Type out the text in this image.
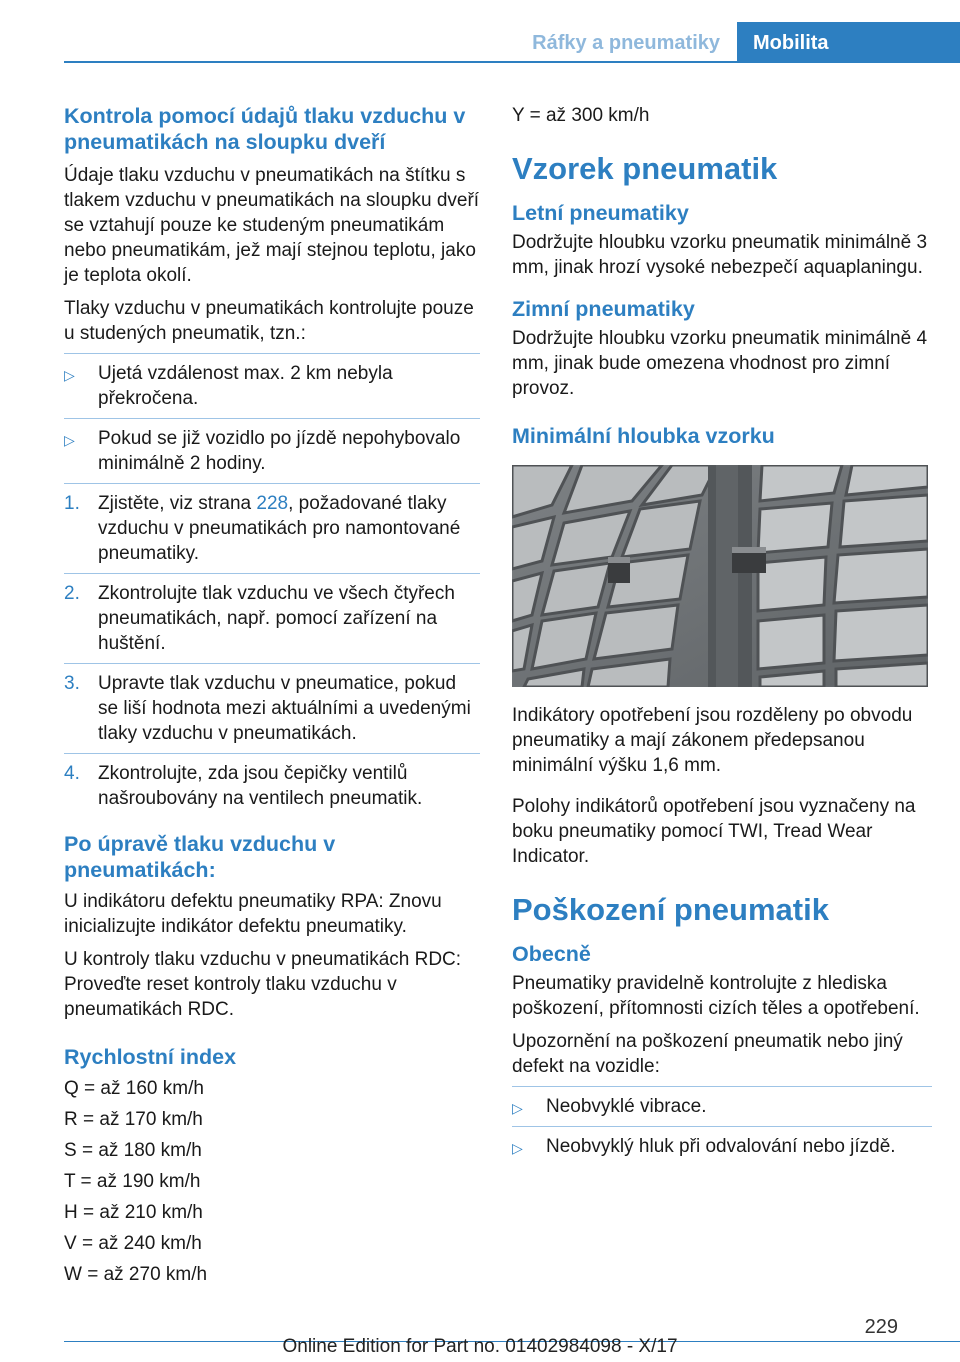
Ráfky a pneumatiky	Mobilita
Kontrola pomocí údajů tlaku vzduchu v pneumatikách na sloupku dveří
Údaje tlaku vzduchu v pneumatikách na štítku s tlakem vzduchu v pneumatikách na sloupku dveří se vztahují pouze ke studeným pneumatikám nebo pneumatikám, jež mají stejnou teplotu, jako je teplota okolí.
Tlaky vzduchu v pneumatikách kontrolujte pouze u studených pneumatik, tzn.:
▷ Ujetá vzdálenost max. 2 km nebyla překročena.
▷ Pokud se již vozidlo po jízdě nepohybovalo minimálně 2 hodiny.
1. Zjistěte, viz strana 228, požadované tlaky vzduchu v pneumatikách pro namontované pneumatiky.
2. Zkontrolujte tlak vzduchu ve všech čtyřech pneumatikách, např. pomocí zařízení na huštění.
3. Upravte tlak vzduchu v pneumatice, pokud se liší hodnota mezi aktuálními a uvedenými tlaky vzduchu v pneumatikách.
4. Zkontrolujte, zda jsou čepičky ventilů našroubovány na ventilech pneumatik.
Po úpravě tlaku vzduchu v pneumatikách:
U indikátoru defektu pneumatiky RPA: Znovu inicializujte indikátor defektu pneumatiky.
U kontroly tlaku vzduchu v pneumatikách RDC: Proveďte reset kontroly tlaku vzduchu v pneumatikách RDC.
Rychlostní index
Q = až 160 km/h
R = až 170 km/h
S = až 180 km/h
T = až 190 km/h
H = až 210 km/h
V = až 240 km/h
W = až 270 km/h
Y = až 300 km/h
Vzorek pneumatik
Letní pneumatiky
Dodržujte hloubku vzorku pneumatik minimálně 3 mm, jinak hrozí vysoké nebezpečí aquaplaningu.
Zimní pneumatiky
Dodržujte hloubku vzorku pneumatik minimálně 4 mm, jinak bude omezena vhodnost pro zimní provoz.
Minimální hloubka vzorku
Indikátory opotřebení jsou rozděleny po obvodu pneumatiky a mají zákonem předepsanou minimální výšku 1,6 mm.
Polohy indikátorů opotřebení jsou vyznačeny na boku pneumatiky pomocí TWI, Tread Wear Indicator.
Poškození pneumatik
Obecně
Pneumatiky pravidelně kontrolujte z hlediska poškození, přítomnosti cizích těles a opotřebení.
Upozornění na poškození pneumatik nebo jiný defekt na vozidle:
▷ Neobvyklé vibrace.
▷ Neobvyklý hluk při odvalování nebo jízdě.
229
Online Edition for Part no. 01402984098 - X/17
